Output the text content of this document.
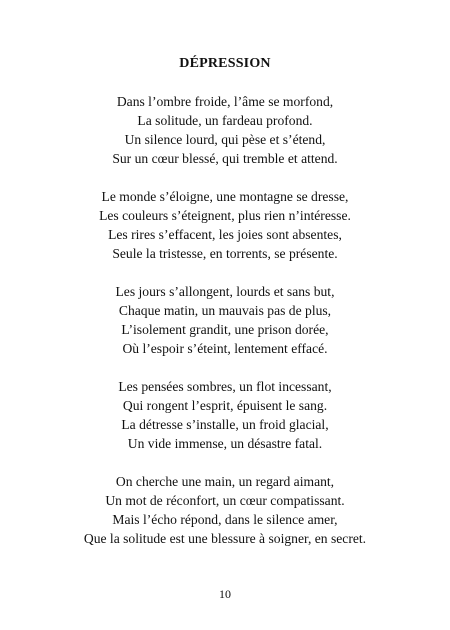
DÉPRESSION
Dans l’ombre froide, l’âme se morfond,
La solitude, un fardeau profond.
Un silence lourd, qui pèse et s’étend,
Sur un cœur blessé, qui tremble et attend.
Le monde s’éloigne, une montagne se dresse,
Les couleurs s’éteignent, plus rien n’intéresse.
Les rires s’effacent, les joies sont absentes,
Seule la tristesse, en torrents, se présente.
Les jours s’allongent, lourds et sans but,
Chaque matin, un mauvais pas de plus,
L’isolement grandit, une prison dorée,
Où l’espoir s’éteint, lentement effacé.
Les pensées sombres, un flot incessant,
Qui rongent l’esprit, épuisent le sang.
La détresse s’installe, un froid glacial,
Un vide immense, un désastre fatal.
On cherche une main, un regard aimant,
Un mot de réconfort, un cœur compatissant.
Mais l’écho répond, dans le silence amer,
Que la solitude est une blessure à soigner, en secret.
10
